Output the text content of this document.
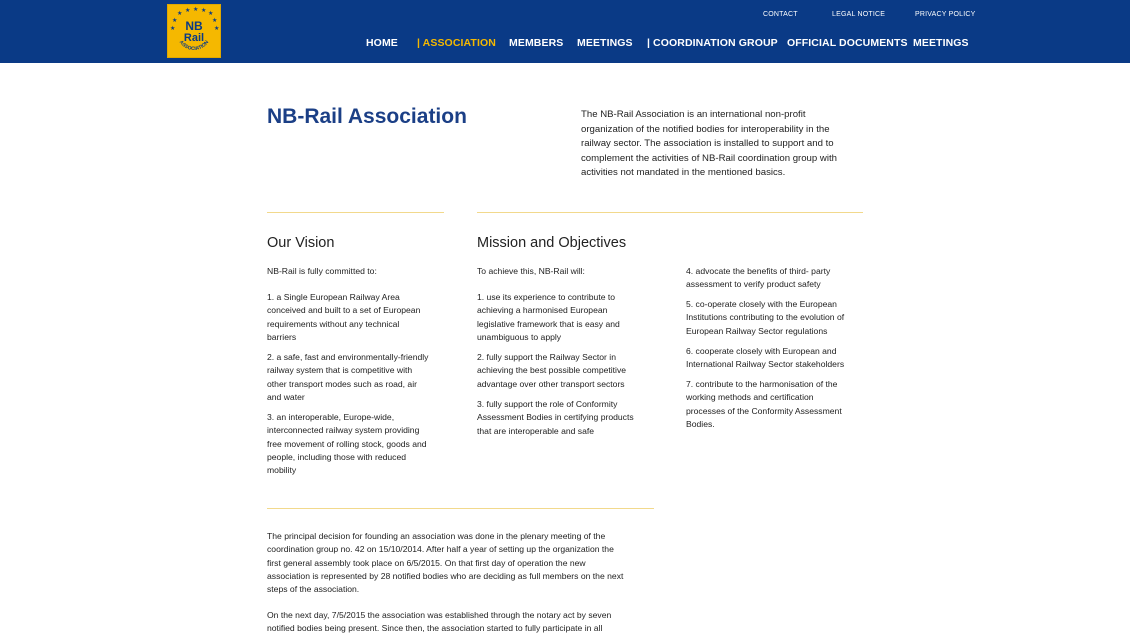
★ ★ ★ ★ ★
★	★
★	★
NB
Rail
ASSOCIATION
CONTACT	LEGAL NOTICE	PRIVACY POLICY
HOME | ASSOCIATION MEMBERS MEETINGS | COORDINATION GROUP OFFICIAL DOCUMENTS MEETINGS
NB-Rail Association	The NB-Rail Association is an international non-profit
organization of the notified bodies for interoperability in the
railway sector. The association is installed to support and to
complement the activities of NB-Rail coordination group with
activities not mandated in the mentioned basics.
Our Vision
NB-Rail is fully committed to:
1. a Single European Railway Area
conceived and built to a set of European
requirements without any technical
barriers
2. a safe, fast and environmentally-friendly
railway system that is competitive with
other transport modes such as road, air
and water
3. an interoperable, Europe-wide,
interconnected railway system providing
free movement of rolling stock, goods and
people, including those with reduced
mobility
Mission and Objectives
To achieve this, NB-Rail will:
1. use its experience to contribute to
achieving a harmonised European
legislative framework that is easy and
unambiguous to apply
2. fully support the Railway Sector in
achieving the best possible competitive
advantage over other transport sectors
3. fully support the role of Conformity
Assessment Bodies in certifying products
that are interoperable and safe
4. advocate the benefits of third- party
assessment to verify product safety
5. co-operate closely with the European
Institutions contributing to the evolution of
European Railway Sector regulations
6. cooperate closely with European and
International Railway Sector stakeholders
7. contribute to the harmonisation of the
working methods and certification
processes of the Conformity Assessment
Bodies.
The principal decision for founding an association was done in the plenary meeting of the
coordination group no. 42 on 15/10/2014. After half a year of setting up the organization the
first general assembly took place on 6/5/2015. On that first day of operation the new
association is represented by 28 notified bodies who are deciding as full members on the next
steps of the association.
On the next day, 7/5/2015 the association was established through the notary act by seven
notified bodies being present. Since then, the association started to fully participate in all
